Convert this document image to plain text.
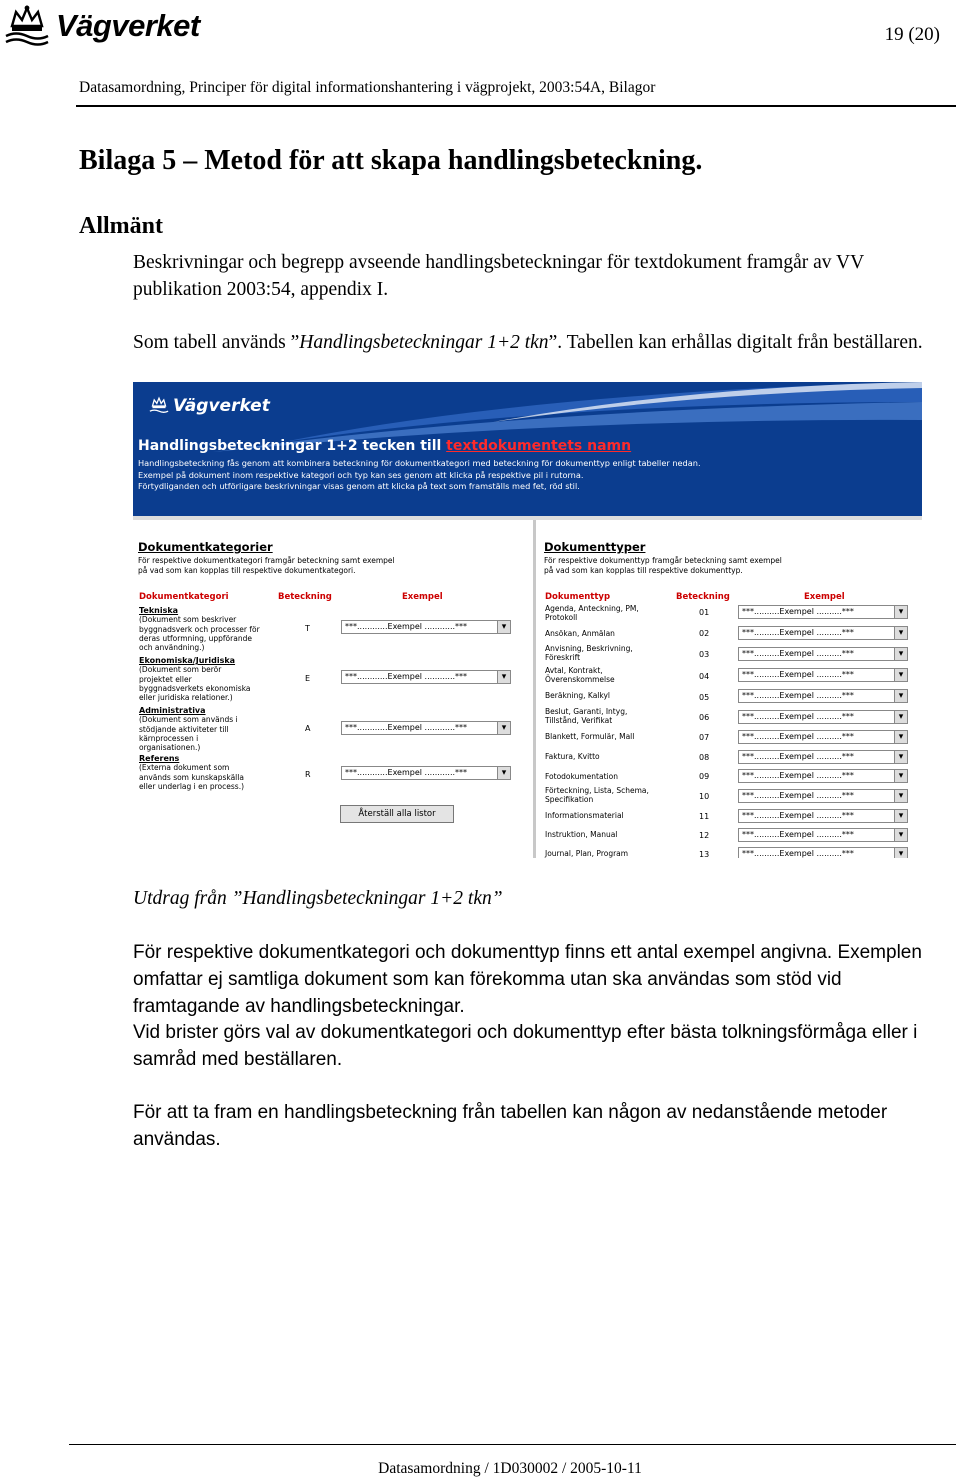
Vägverket	19 (20)
Datasamordning, Principer för digital informationshantering i vägprojekt, 2003:54A, Bilagor
Bilaga 5 – Metod för att skapa handlingsbeteckning.
Allmänt
Beskrivningar och begrepp avseende handlingsbeteckningar för textdokument framgår av VV publikation 2003:54, appendix I.
Som tabell används ”Handlingsbeteckningar 1+2 tkn”. Tabellen kan erhållas digitalt från beställaren.
Vägverket
Handlingsbeteckningar 1+2 tecken till textdokumentets namn
Handlingsbeteckning fås genom att kombinera beteckning för dokumentkategori med beteckning för dokumenttyp enligt tabeller nedan.
Exempel på dokument inom respektive kategori och typ kan ses genom att klicka på respektive pil i rutorna.
Förtydliganden och utförligare beskrivningar visas genom att klicka på text som framställs med fet, röd stil.
Dokumentkategorier
För respektive dokumentkategori framgår beteckning samt exempel
på vad som kan kopplas till respektive dokumentkategori.
Dokumentkategori	Beteckning	Exempel
Tekniska
(Dokument som beskriver
byggnadsverk och processer för
deras utformning, uppförande
och användning.)
T	***............Exempel ............*** ▾
Ekonomiska/Juridiska
(Dokument som berör
projektet eller
byggnadsverkets ekonomiska
eller juridiska relationer.)
E	***............Exempel ............*** ▾
Administrativa
(Dokument som används i
stödjande aktiviteter till
kärnprocessen i
organisationen.)
A	***............Exempel ............*** ▾
Referens
(Externa dokument som
används som kunskapskälla
eller underlag i en process.)
R	***............Exempel ............*** ▾
Återställ alla listor
Dokumenttyper
För respektive dokumenttyp framgår beteckning samt exempel
på vad som kan kopplas till respektive dokumenttyp.
Dokumenttyp	Beteckning	Exempel
Agenda, Anteckning, PM,
Protokoll
01	***..........Exempel ..........*** ▾
Ansökan, Anmälan	02	***..........Exempel ..........*** ▾
Anvisning, Beskrivning,
Föreskrift	03	***..........Exempel ..........*** ▾
Avtal, Kontrakt,
Överenskommelse	04	***..........Exempel ..........*** ▾
Beräkning, Kalkyl	05	***..........Exempel ..........*** ▾
Beslut, Garanti, Intyg,
Tillstånd, Verifikat	06	***..........Exempel ..........*** ▾
Blankett, Formulär, Mall	07	***..........Exempel ..........*** ▾
Faktura, Kvitto	08	***..........Exempel ..........*** ▾
Fotodokumentation	09	***..........Exempel ..........*** ▾
Förteckning, Lista, Schema,
Specifikation	10	***..........Exempel ..........*** ▾
Informationsmaterial	11	***..........Exempel ..........*** ▾
Instruktion, Manual	12	***..........Exempel ..........*** ▾
Journal, Plan, Program	13	***..........Exempel ..........*** ▾
Utdrag från ”Handlingsbeteckningar 1+2 tkn”
För respektive dokumentkategori och dokumenttyp finns ett antal exempel angivna. Exemplen omfattar ej samtliga dokument som kan förekomma utan ska användas som stöd vid framtagande av handlingsbeteckningar.
Vid brister görs val av dokumentkategori och dokumenttyp efter bästa tolkningsförmåga eller i samråd med beställaren.
För att ta fram en handlingsbeteckning från tabellen kan någon av nedanstående metoder användas.
Datasamordning / 1D030002 / 2005-10-11
